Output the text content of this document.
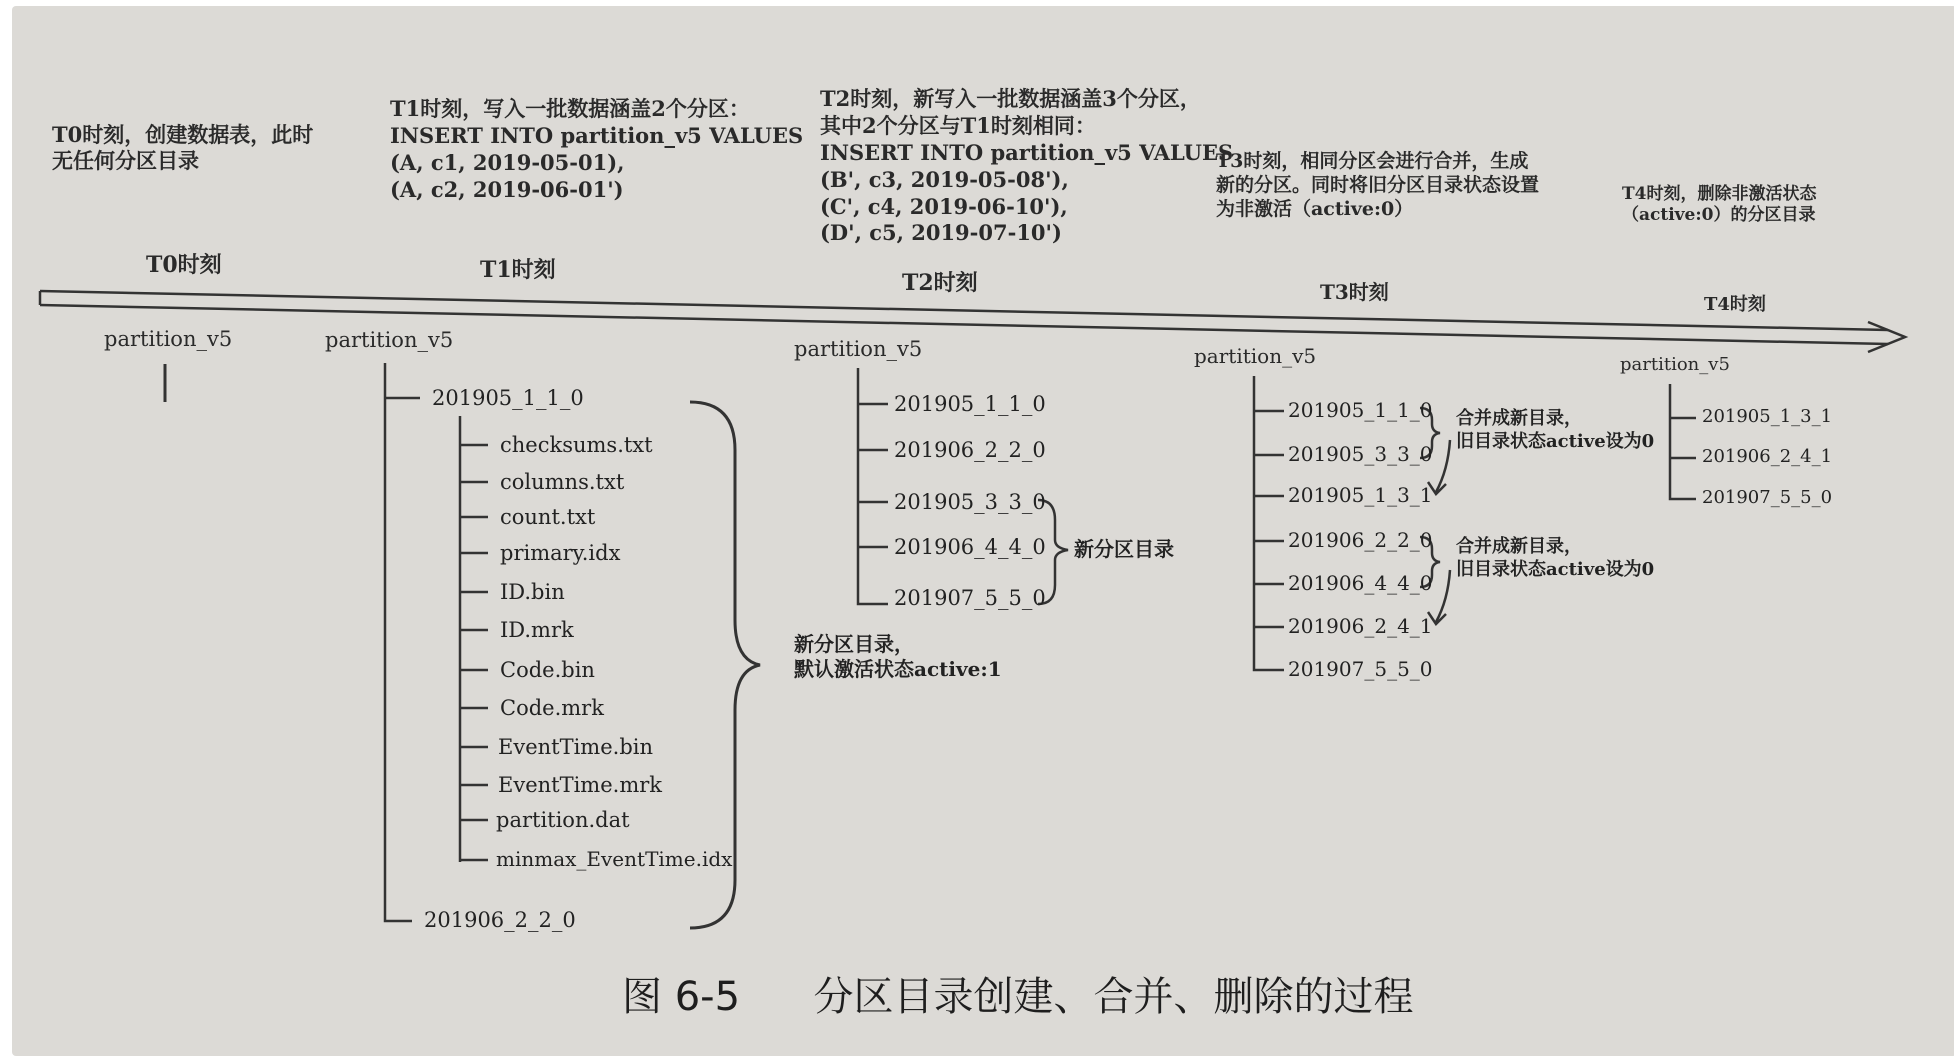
T0时刻，创建数据表，此时
无任何分区目录
T1时刻，写入一批数据涵盖2个分区：
INSERT INTO partition_v5 VALUES
(A, c1, 2019-05-01),
(A, c2, 2019-06-01')
T2时刻，新写入一批数据涵盖3个分区，
其中2个分区与T1时刻相同：
INSERT INTO partition_v5 VALUES
(B', c3, 2019-05-08'),
(C', c4, 2019-06-10'),
(D', c5, 2019-07-10')
T3时刻，相同分区会进行合并，生成
新的分区。同时将旧分区目录状态设置
为非激活（active:0）
T4时刻，删除非激活状态
（active:0）的分区目录
T0时刻	T1时刻	T2时刻	T3时刻
T4时刻
partition_v5	partition_v5
201905_1_1_0
201906_2_2_0
checksums.txt
columns.txt
count.txt
primary.idx
ID.bin
ID.mrk
Code.bin
Code.mrk
EventTime.bin
EventTime.mrk
partition.dat
minmax_EventTime.idx
新分区目录，
默认激活状态active:1
partition_v5
201905_1_1_0
201906_2_2_0
201905_3_3_0
201906_4_4_0
201907_5_5_0
新分区目录
partition_v5
201905_1_1_0
201905_3_3_0
201905_1_3_1
201906_2_2_0
201906_4_4_0
201906_2_4_1
201907_5_5_0
合并成新目录，
旧目录状态active设为0
合并成新目录，
旧目录状态active设为0
partition_v5
201905_1_3_1
201906_2_4_1
201907_5_5_0
图 6-5 分区目录创建、合并、删除的过程
